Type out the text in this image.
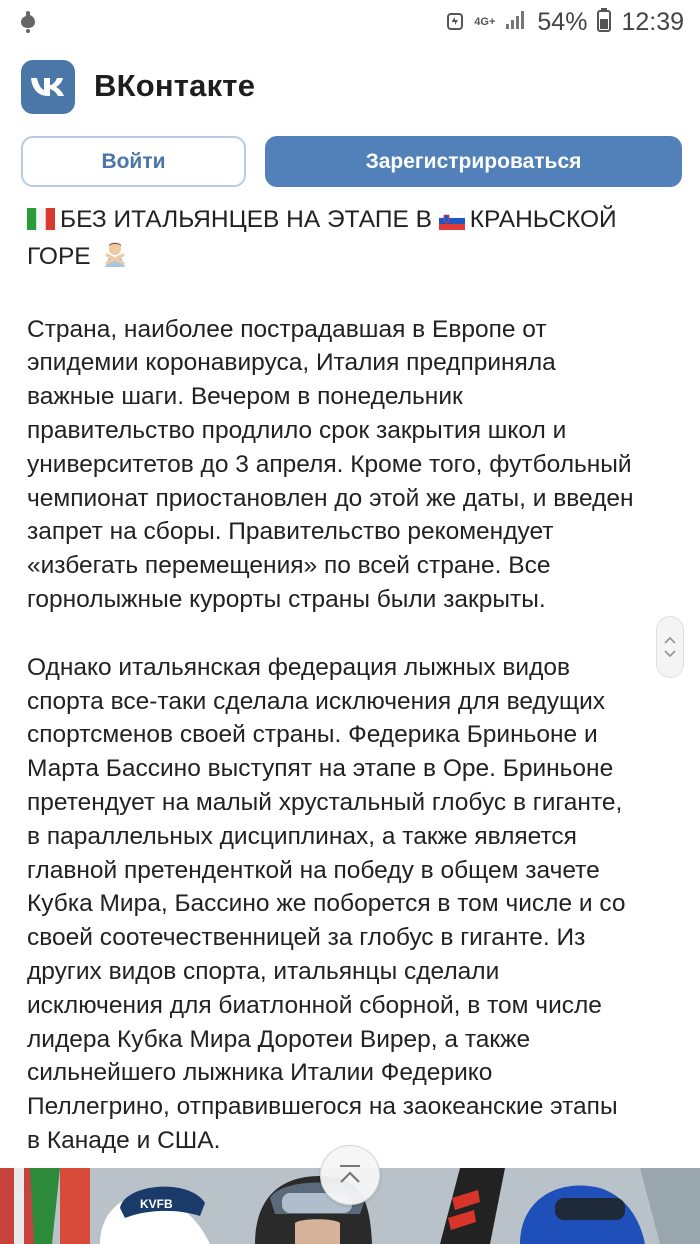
4G+ 54% 12:39
ВКонтакте
Войти	Зарегистрироваться
БЕЗ ИТАЛЬЯНЦЕВ НА ЭТАПЕ В КРАНЬСКОЙ
ГОРЕ
Страна, наиболее пострадавшая в Европе от
эпидемии коронавируса, Италия предприняла
важные шаги. Вечером в понедельник
правительство продлило срок закрытия школ и
университетов до 3 апреля. Кроме того, футбольный
чемпионат приостановлен до этой же даты, и введен
запрет на сборы. Правительство рекомендует
«избегать перемещения» по всей стране. Все
горнолыжные курорты страны были закрыты.
Однако итальянская федерация лыжных видов
спорта все-таки сделала исключения для ведущих
спортсменов своей страны. Федерика Бриньоне и
Марта Бассино выступят на этапе в Оре. Бриньоне
претендует на малый хрустальный глобус в гиганте,
в параллельных дисциплинах, а также является
главной претенденткой на победу в общем зачете
Кубка Мира, Бассино же поборется в том числе и со
своей соотечественницей за глобус в гиганте. Из
других видов спорта, итальянцы сделали
исключения для биатлонной сборной, в том числе
лидера Кубка Мира Доротеи Вирер, а также
сильнейшего лыжника Италии Федерико
Пеллегрино, отправившегося на заокеанские этапы
в Канаде и США.
KVFB
